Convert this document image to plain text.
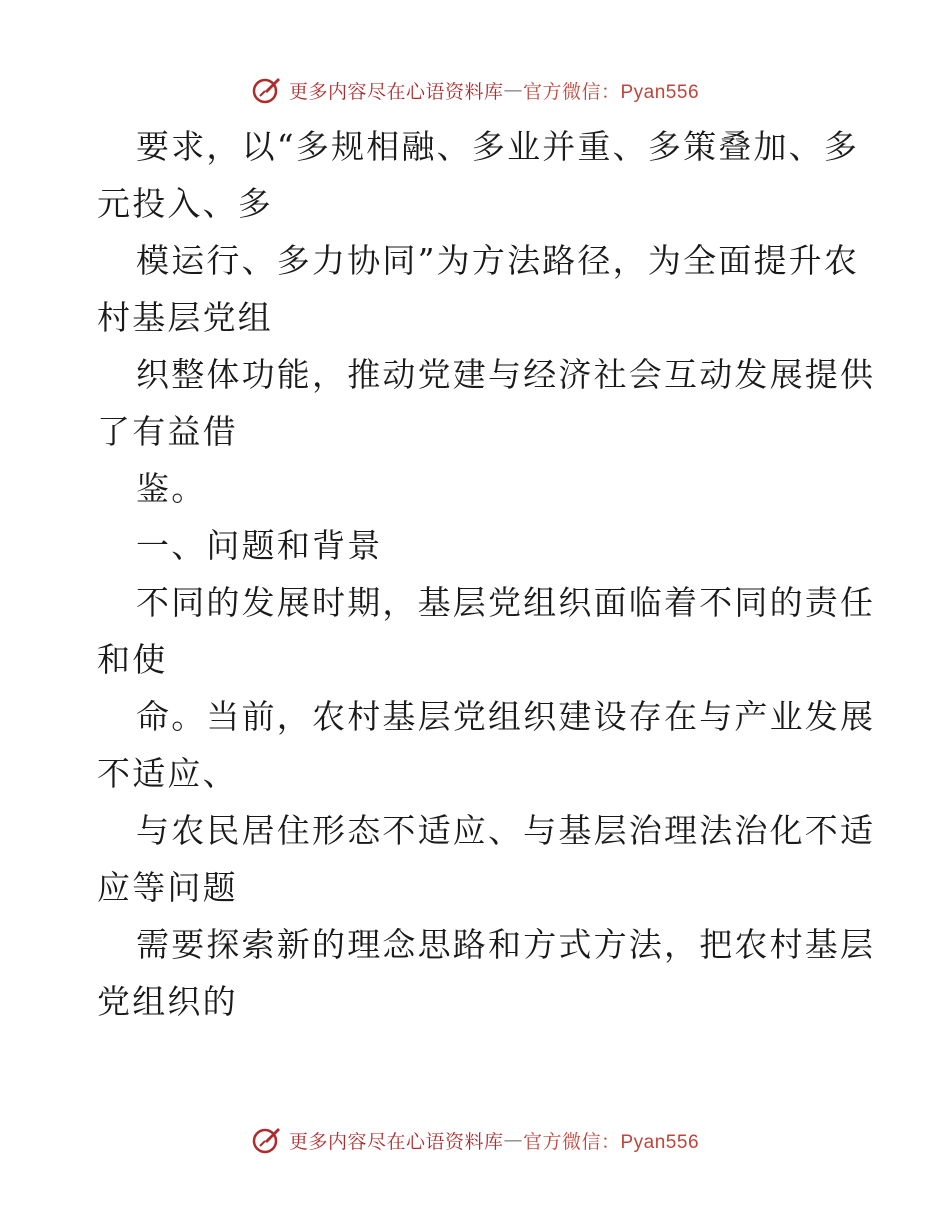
更多内容尽在心语资料库 — 官方微信：Pyan556
要求，以“多规相融、多业并重、多策叠加、多
元投入、多
模运行、多力协同”为方法路径，为全面提升农
村基层党组
织整体功能，推动党建与经济社会互动发展提供
了有益借
鉴。
一、问题和背景
不同的发展时期，基层党组织面临着不同的责任
和使
命。当前，农村基层党组织建设存在与产业发展
不适应、
与农民居住形态不适应、与基层治理法治化不适
应等问题
需要探索新的理念思路和方式方法，把农村基层
党组织的
更多内容尽在心语资料库 — 官方微信：Pyan556
